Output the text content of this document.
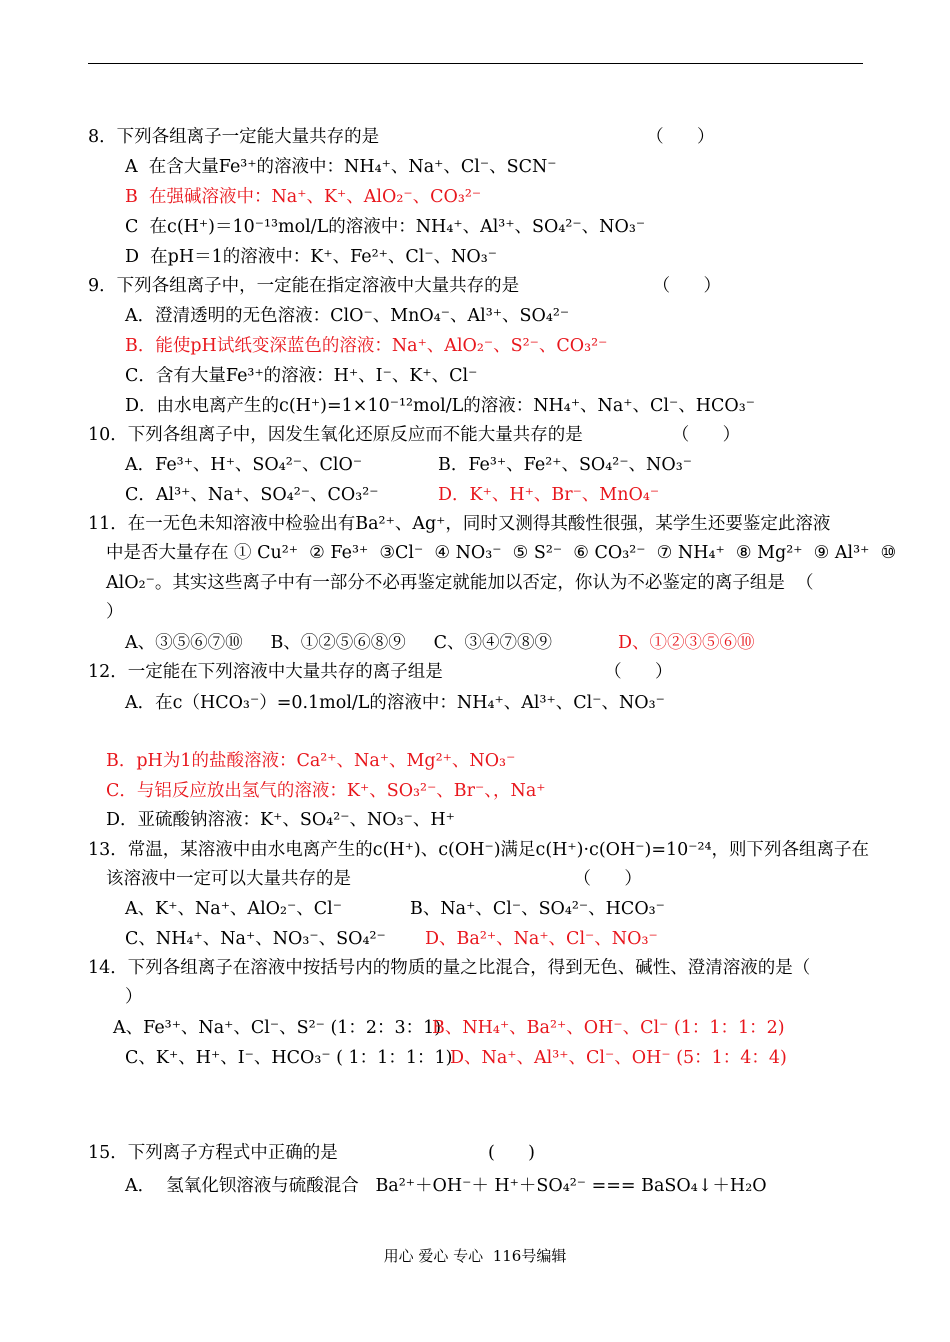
8．下列各组离子一定能大量共存的是                                                （      ）
A  在含大量Fe³⁺的溶液中：NH₄⁺、Na⁺、Cl⁻、SCN⁻
B  在强碱溶液中：Na⁺、K⁺、AlO₂⁻、CO₃²⁻
C  在c(H⁺)＝10⁻¹³mol/L的溶液中：NH₄⁺、Al³⁺、SO₄²⁻、NO₃⁻
D  在pH＝1的溶液中：K⁺、Fe²⁺、Cl⁻、NO₃⁻
9．下列各组离子中，一定能在指定溶液中大量共存的是                        （      ）
A．澄清透明的无色溶液：ClO⁻、MnO₄⁻、Al³⁺、SO₄²⁻
B．能使pH试纸变深蓝色的溶液：Na⁺、AlO₂⁻、S²⁻、CO₃²⁻
C．含有大量Fe³⁺的溶液：H⁺、I⁻、K⁺、Cl⁻
D．由水电离产生的c(H⁺)=1×10⁻¹²mol/L的溶液：NH₄⁺、Na⁺、Cl⁻、HCO₃⁻
10．下列各组离子中，因发生氧化还原反应而不能大量共存的是                （      ）
A．Fe³⁺、H⁺、SO₄²⁻、ClO⁻	B．Fe³⁺、Fe²⁺、SO₄²⁻、NO₃⁻
C．Al³⁺、Na⁺、SO₄²⁻、CO₃²⁻	D．K⁺、H⁺、Br⁻、MnO₄⁻
11．在一无色未知溶液中检验出有Ba²⁺、Ag⁺，同时又测得其酸性很强，某学生还要鉴定此溶液
中是否大量存在 ① Cu²⁺  ② Fe³⁺  ③Cl⁻  ④ NO₃⁻  ⑤ S²⁻  ⑥ CO₃²⁻  ⑦ NH₄⁺  ⑧ Mg²⁺  ⑨ Al³⁺  ⑩
AlO₂⁻。其实这些离子中有一部分不必再鉴定就能加以否定，你认为不必鉴定的离子组是  （
）
A、③⑤⑥⑦⑩     B、①②⑤⑥⑧⑨     C、③④⑦⑧⑨	D、①②③⑤⑥⑩
12．一定能在下列溶液中大量共存的离子组是                             （      ）
A．在c（HCO₃⁻）=0.1mol/L的溶液中：NH₄⁺、Al³⁺、Cl⁻、NO₃⁻
B．pH为1的盐酸溶液：Ca²⁺、Na⁺、Mg²⁺、NO₃⁻
C．与铝反应放出氢气的溶液：K⁺、SO₃²⁻、Br⁻、，Na⁺
D．亚硫酸钠溶液：K⁺、SO₄²⁻、NO₃⁻、H⁺
13．常温，某溶液中由水电离产生的c(H⁺)、c(OH⁻)满足c(H⁺)·c(OH⁻)=10⁻²⁴，则下列各组离子在
该溶液中一定可以大量共存的是                                        （      ）
A、K⁺、Na⁺、AlO₂⁻、Cl⁻	B、Na⁺、Cl⁻、SO₄²⁻、HCO₃⁻
C、NH₄⁺、Na⁺、NO₃⁻、SO₄²⁻ D、Ba²⁺、Na⁺、Cl⁻、NO₃⁻
14．下列各组离子在溶液中按括号内的物质的量之比混合，得到无色、碱性、澄清溶液的是（
）
A、Fe³⁺、Na⁺、Cl⁻、S²⁻ (1：2：3：1)
B、NH₄⁺、Ba²⁺、OH⁻、Cl⁻ (1：1：1：2)
C、K⁺、H⁺、I⁻、HCO₃⁻ ( 1：1：1：1)
D、Na⁺、Al³⁺、Cl⁻、OH⁻ (5：1：4：4)
15．下列离子方程式中正确的是                           (      )
A．  氢氧化钡溶液与硫酸混合   Ba²⁺＋OH⁻＋ H⁺＋SO₄²⁻ === BaSO₄↓＋H₂O
用心 爱心 专心  116号编辑
